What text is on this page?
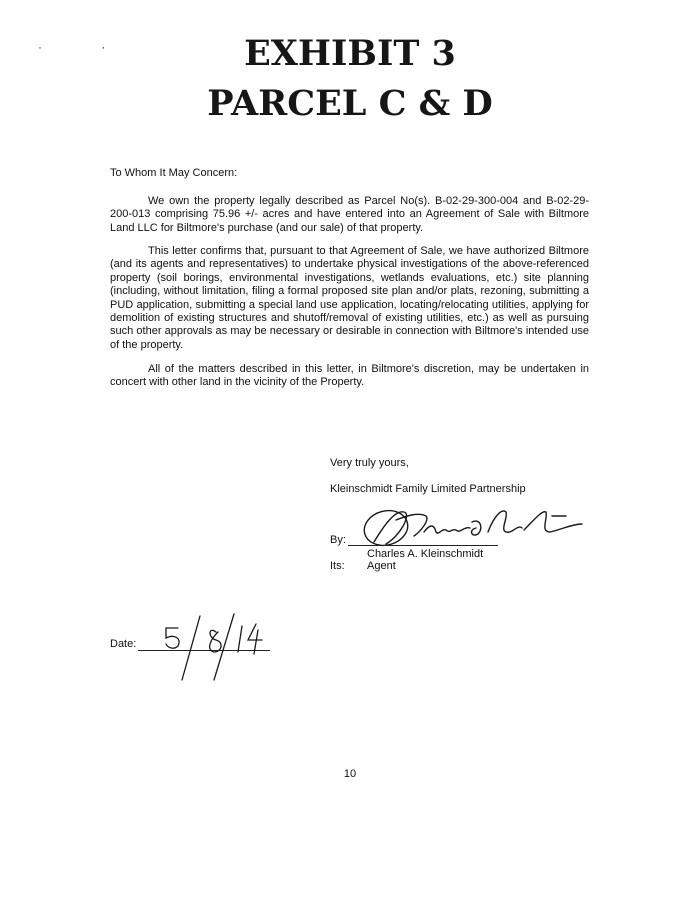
· ·	EXHIBIT 3
PARCEL C & D
To Whom It May Concern:
We own the property legally described as Parcel No(s). B-02-29-300-004 and B-02-29-200-013 comprising 75.96 +/- acres and have entered into an Agreement of Sale with Biltmore Land LLC for Biltmore's purchase (and our sale) of that property.
This letter confirms that, pursuant to that Agreement of Sale, we have authorized Biltmore (and its agents and representatives) to undertake physical investigations of the above-referenced property (soil borings, environmental investigations, wetlands evaluations, etc.) site planning (including, without limitation, filing a formal proposed site plan and/or plats, rezoning, submitting a PUD application, submitting a special land use application, locating/relocating utilities, applying for demolition of existing structures and shutoff/removal of existing utilities, etc.) as well as pursuing such other approvals as may be necessary or desirable in connection with Biltmore's intended use of the property.
All of the matters described in this letter, in Biltmore's discretion, may be undertaken in concert with other land in the vicinity of the Property.
Very truly yours,
Kleinschmidt Family Limited Partnership
By:
Charles A. Kleinschmidt
Its: Agent
Date:
10
